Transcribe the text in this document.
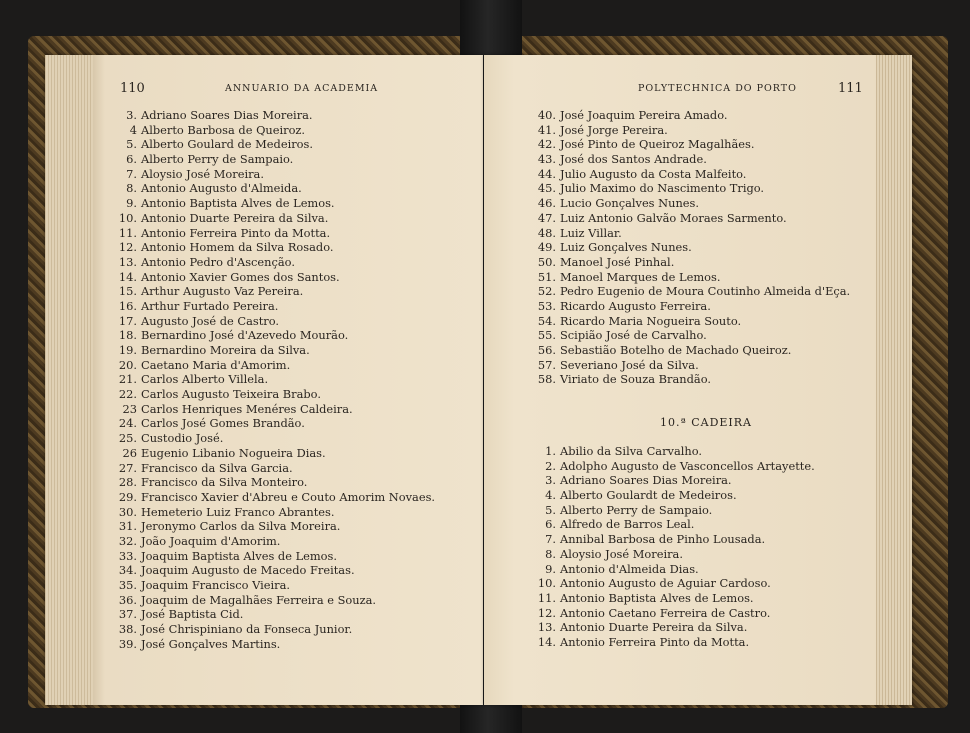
110	ANNUARIO DA ACADEMIA
3. Adriano Soares Dias Moreira.
4 Alberto Barbosa de Queiroz.
5. Alberto Goulard de Medeiros.
6. Alberto Perry de Sampaio.
7. Aloysio José Moreira.
8. Antonio Augusto d'Almeida.
9. Antonio Baptista Alves de Lemos.
10. Antonio Duarte Pereira da Silva.
11. Antonio Ferreira Pinto da Motta.
12. Antonio Homem da Silva Rosado.
13. Antonio Pedro d'Ascenção.
14. Antonio Xavier Gomes dos Santos.
15. Arthur Augusto Vaz Pereira.
16. Arthur Furtado Pereira.
17. Augusto José de Castro.
18. Bernardino José d'Azevedo Mourão.
19. Bernardino Moreira da Silva.
20. Caetano Maria d'Amorim.
21. Carlos Alberto Villela.
22. Carlos Augusto Teixeira Brabo.
23 Carlos Henriques Menéres Caldeira.
24. Carlos José Gomes Brandão.
25. Custodio José.
26 Eugenio Libanio Nogueira Dias.
27. Francisco da Silva Garcia.
28. Francisco da Silva Monteiro.
29. Francisco Xavier d'Abreu e Couto Amorim Novaes.
30. Hemeterio Luiz Franco Abrantes.
31. Jeronymo Carlos da Silva Moreira.
32. João Joaquim d'Amorim.
33. Joaquim Baptista Alves de Lemos.
34. Joaquim Augusto de Macedo Freitas.
35. Joaquim Francisco Vieira.
36. Joaquim de Magalhães Ferreira e Souza.
37. José Baptista Cid.
38. José Chrispiniano da Fonseca Junior.
39. José Gonçalves Martins.
POLYTECHNICA DO PORTO	111
40. José Joaquim Pereira Amado.
41. José Jorge Pereira.
42. José Pinto de Queiroz Magalhães.
43. José dos Santos Andrade.
44. Julio Augusto da Costa Malfeito.
45. Julio Maximo do Nascimento Trigo.
46. Lucio Gonçalves Nunes.
47. Luiz Antonio Galvão Moraes Sarmento.
48. Luiz Villar.
49. Luiz Gonçalves Nunes.
50. Manoel José Pinhal.
51. Manoel Marques de Lemos.
52. Pedro Eugenio de Moura Coutinho Almeida d'Eça.
53. Ricardo Augusto Ferreira.
54. Ricardo Maria Nogueira Souto.
55. Scipião José de Carvalho.
56. Sebastião Botelho de Machado Queiroz.
57. Severiano José da Silva.
58. Viriato de Souza Brandão.
10.ª CADEIRA
1. Abilio da Silva Carvalho.
2. Adolpho Augusto de Vasconcellos Artayette.
3. Adriano Soares Dias Moreira.
4. Alberto Goulardt de Medeiros.
5. Alberto Perry de Sampaio.
6. Alfredo de Barros Leal.
7. Annibal Barbosa de Pinho Lousada.
8. Aloysio José Moreira.
9. Antonio d'Almeida Dias.
10. Antonio Augusto de Aguiar Cardoso.
11. Antonio Baptista Alves de Lemos.
12. Antonio Caetano Ferreira de Castro.
13. Antonio Duarte Pereira da Silva.
14. Antonio Ferreira Pinto da Motta.
